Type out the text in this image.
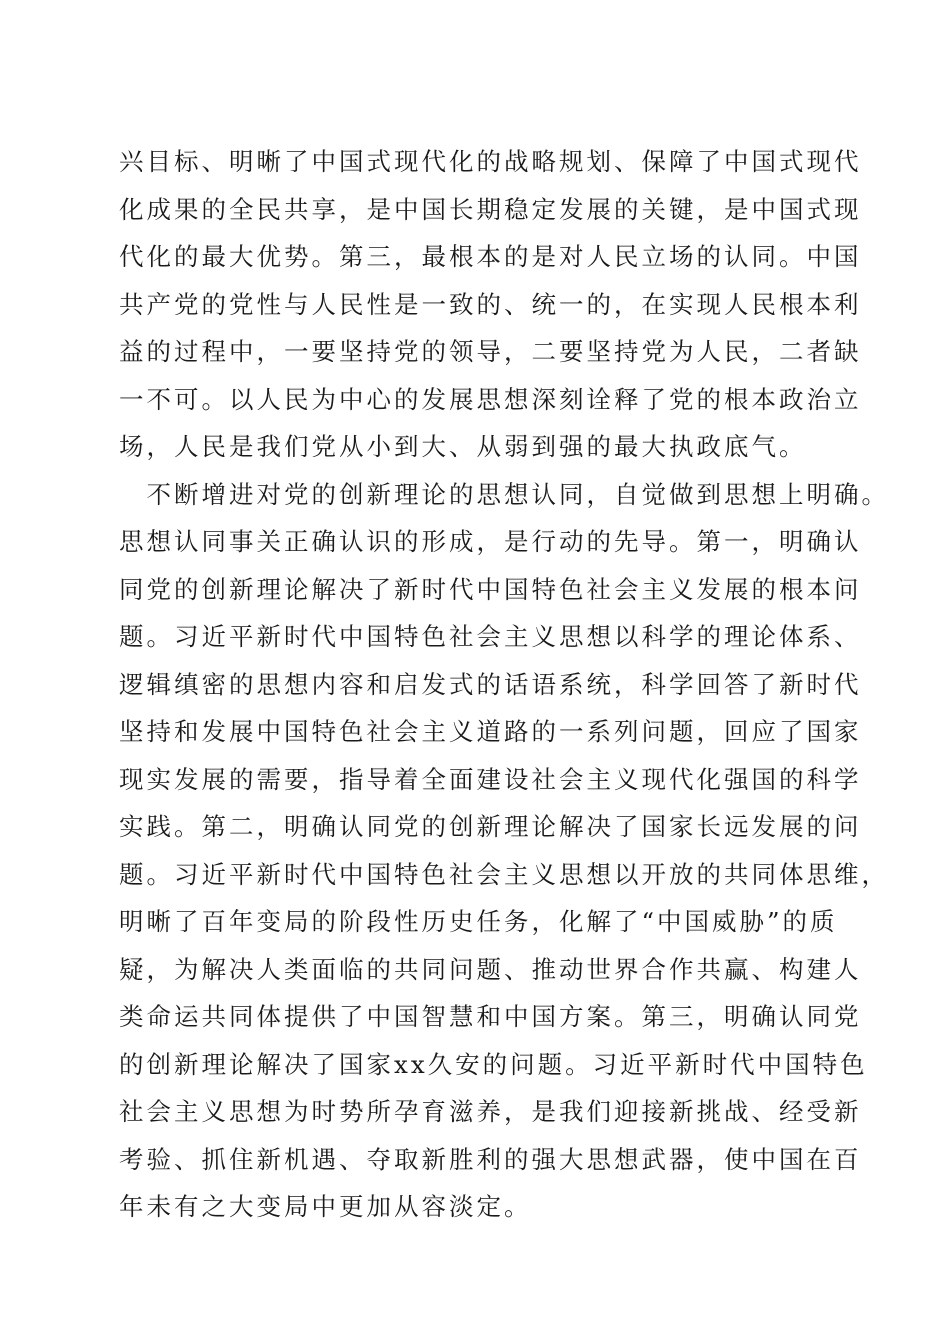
兴目标、明晰了中国式现代化的战略规划、保障了中国式现代
化成果的全民共享，是中国长期稳定发展的关键，是中国式现
代化的最大优势。第三，最根本的是对人民立场的认同。中国
共产党的党性与人民性是一致的、统一的，在实现人民根本利
益的过程中，一要坚持党的领导，二要坚持党为人民，二者缺
一不可。以人民为中心的发展思想深刻诠释了党的根本政治立
场，人民是我们党从小到大、从弱到强的最大执政底气。
　不断增进对党的创新理论的思想认同，自觉做到思想上明确。
思想认同事关正确认识的形成，是行动的先导。第一，明确认
同党的创新理论解决了新时代中国特色社会主义发展的根本问
题。习近平新时代中国特色社会主义思想以科学的理论体系、
逻辑缜密的思想内容和启发式的话语系统，科学回答了新时代
坚持和发展中国特色社会主义道路的一系列问题，回应了国家
现实发展的需要，指导着全面建设社会主义现代化强国的科学
实践。第二，明确认同党的创新理论解决了国家长远发展的问
题。习近平新时代中国特色社会主义思想以开放的共同体思维，
明晰了百年变局的阶段性历史任务，化解了“中国威胁”的质
疑，为解决人类面临的共同问题、推动世界合作共赢、构建人
类命运共同体提供了中国智慧和中国方案。第三，明确认同党
的创新理论解决了国家xx久安的问题。习近平新时代中国特色
社会主义思想为时势所孕育滋养，是我们迎接新挑战、经受新
考验、抓住新机遇、夺取新胜利的强大思想武器，使中国在百
年未有之大变局中更加从容淡定。
